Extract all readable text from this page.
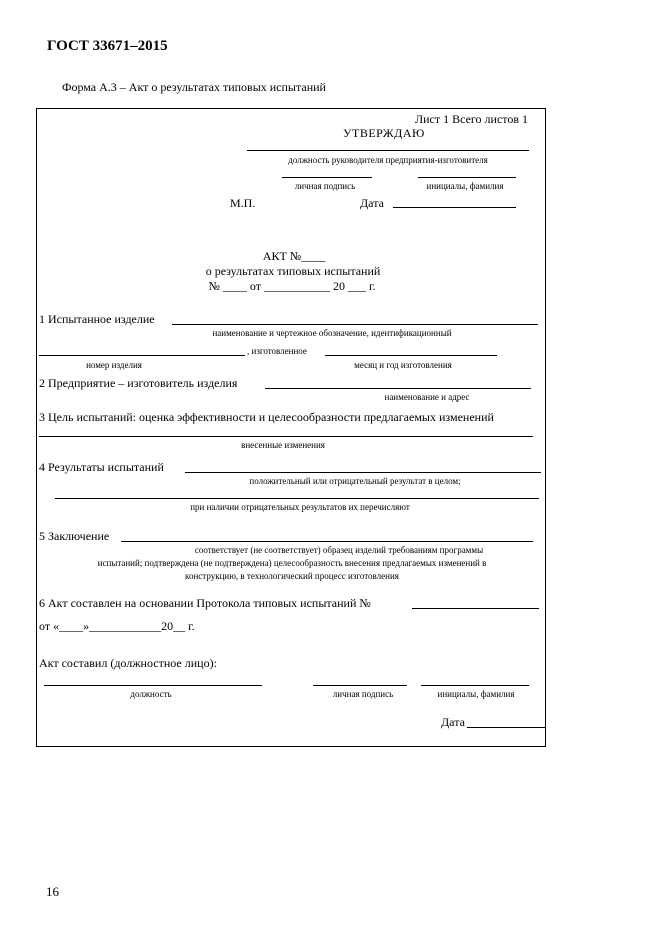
ГОСТ 33671–2015
Форма А.3 – Акт о результатах типовых испытаний
Лист 1 Всего листов 1
УТВЕРЖДАЮ
должность руководителя предприятия-изготовителя
личная подпись	инициалы, фамилия
М.П.	Дата
АКТ №____
о результатах типовых испытаний
№ ____ от ___________ 20 ___ г.
1 Испытанное изделие
наименование и чертежное обозначение, идентификационный
, изготовленное
номер изделия	месяц и год изготовления
2 Предприятие – изготовитель изделия
наименование и адрес
3 Цель испытаний: оценка эффективности и целесообразности предлагаемых изменений
внесенные изменения
4 Результаты испытаний
положительный или отрицательный результат в целом;
при наличии отрицательных результатов их перечисляют
5 Заключение
соответствует (не соответствует) образец изделий требованиям программы
испытаний; подтверждена (не подтверждена) целесообразность внесения предлагаемых изменений в
конструкцию, в технологический процесс изготовления
6 Акт составлен на основании Протокола типовых испытаний №
от «____»____________20__ г.
Акт составил (должностное лицо):
должность	личная подпись	инициалы, фамилия
Дата
16
